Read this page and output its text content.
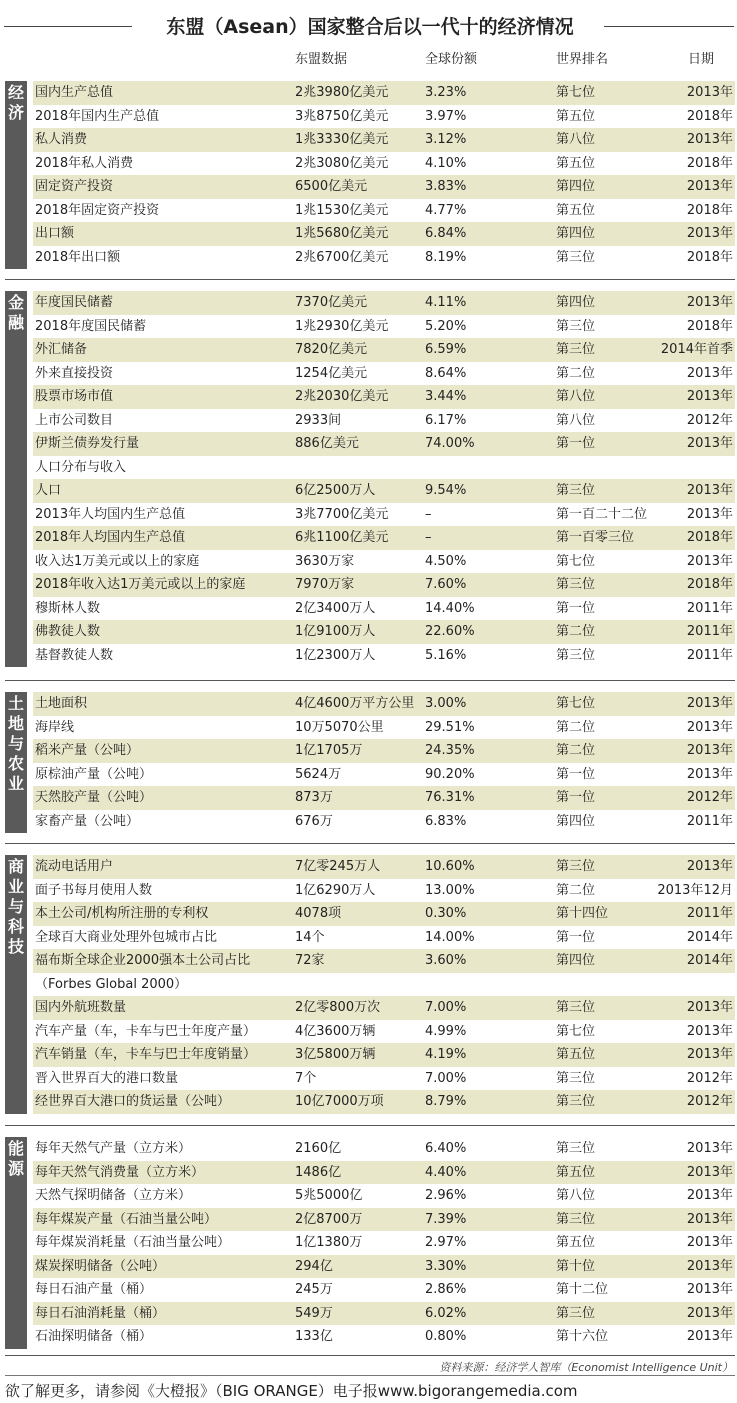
东盟（Asean）国家整合后以一代十的经济情况
东盟数据	全球份额	世界排名	日期
经
济
国内生产总值	2兆3980亿美元	3.23%	第七位	2013年
2018年国内生产总值	3兆8750亿美元	3.97%	第五位	2018年
私人消费	1兆3330亿美元	3.12%	第八位	2013年
2018年私人消费	2兆3080亿美元	4.10%	第五位	2018年
固定资产投资	6500亿美元	3.83%	第四位	2013年
2018年固定资产投资	1兆1530亿美元	4.77%	第五位	2018年
出口额	1兆5680亿美元	6.84%	第四位	2013年
2018年出口额	2兆6700亿美元	8.19%	第三位	2018年
金
融
年度国民储蓄	7370亿美元	4.11%	第四位	2013年
2018年度国民储蓄	1兆2930亿美元	5.20%	第三位	2018年
外汇储备	7820亿美元	6.59%	第三位	2014年首季
外来直接投资	1254亿美元	8.64%	第二位	2013年
股票市场市值	2兆2030亿美元	3.44%	第八位	2013年
上市公司数目	2933间	6.17%	第八位	2012年
伊斯兰债券发行量	886亿美元	74.00%	第一位	2013年
人口分布与收入
人口	6亿2500万人	9.54%	第三位	2013年
2013年人均国内生产总值	3兆7700亿美元	–	第一百二十二位	2013年
2018年人均国内生产总值	6兆1100亿美元	–	第一百零三位	2018年
收入达1万美元或以上的家庭	3630万家	4.50%	第七位	2013年
2018年收入达1万美元或以上的家庭	7970万家	7.60%	第三位	2018年
穆斯林人数	2亿3400万人	14.40%	第一位	2011年
佛教徒人数	1亿9100万人	22.60%	第二位	2011年
基督教徒人数	1亿2300万人	5.16%	第三位	2011年
土
地
与
农
业
土地面积	4亿4600万平方公里 3.00%	第七位	2013年
海岸线	10万5070公里	29.51%	第二位	2013年
稻米产量（公吨）	1亿1705万	24.35%	第二位	2013年
原棕油产量（公吨）	5624万	90.20%	第一位	2013年
天然胶产量（公吨）	873万	76.31%	第一位	2012年
家畜产量（公吨）	676万	6.83%	第四位	2011年
商
业
与
科
技
流动电话用户	7亿零245万人	10.60%	第三位	2013年
面子书每月使用人数	1亿6290万人	13.00%	第二位	2013年12月
本土公司/机构所注册的专利权	4078项	0.30%	第十四位	2011年
全球百大商业处理外包城市占比	14个	14.00%	第一位	2014年
福布斯全球企业2000强本土公司占比	72家	3.60%	第四位	2014年
（Forbes Global 2000）
国内外航班数量	2亿零800万次	7.00%	第三位	2013年
汽车产量（车，卡车与巴士年度产量）	4亿3600万辆	4.99%	第七位	2013年
汽车销量（车，卡车与巴士年度销量）	3亿5800万辆	4.19%	第五位	2013年
晋入世界百大的港口数量	7个	7.00%	第三位	2012年
经世界百大港口的货运量（公吨）	10亿7000万项	8.79%	第三位	2012年
能
源
每年天然气产量（立方米）	2160亿	6.40%	第三位	2013年
每年天然气消费量（立方米）	1486亿	4.40%	第五位	2013年
天然气探明储备（立方米）	5兆5000亿	2.96%	第八位	2013年
每年煤炭产量（石油当量公吨）	2亿8700万	7.39%	第三位	2013年
每年煤炭消耗量（石油当量公吨）	1亿1380万	2.97%	第五位	2013年
煤炭探明储备（公吨）	294亿	3.30%	第十位	2013年
每日石油产量（桶）	245万	2.86%	第十二位	2013年
每日石油消耗量（桶）	549万	6.02%	第三位	2013年
石油探明储备（桶）	133亿	0.80%	第十六位	2013年
资料来源：经济学人智库（Economist Intelligence Unit）
欲了解更多，请参阅《大橙报》（BIG ORANGE）电子报www.bigorangemedia.com
